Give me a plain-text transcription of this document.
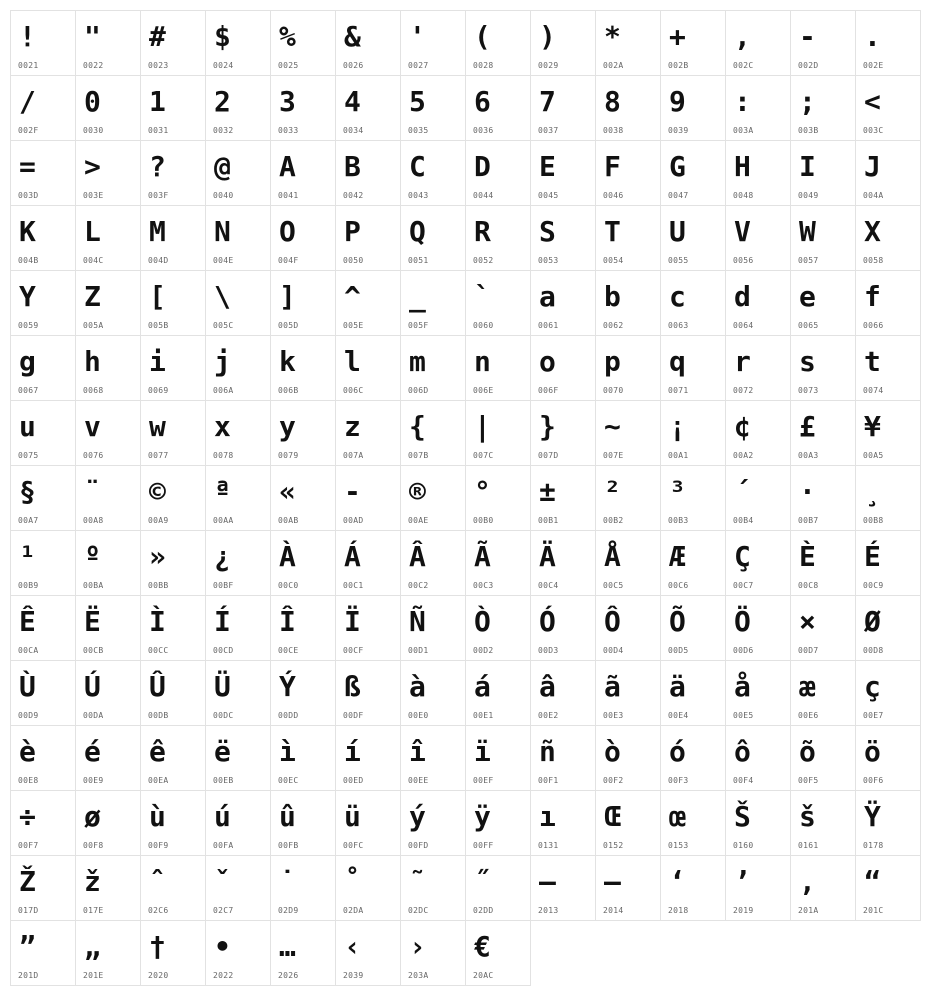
!
0021
"
0022
#
0023
$
0024
%
0025
&
0026
'
0027
(
0028
)
0029
*
002A
+
002B
,
002C
-
002D
.
002E
/
002F
0
0030
1
0031
2
0032
3
0033
4
0034
5
0035
6
0036
7
0037
8
0038
9
0039
:
003A
;
003B
<
003C
=
003D
>
003E
?
003F
@
0040
A
0041
B
0042
C
0043
D
0044
E
0045
F
0046
G
0047
H
0048
I
0049
J
004A
K
004B
L
004C
M
004D
N
004E
O
004F
P
0050
Q
0051
R
0052
S
0053
T
0054
U
0055
V
0056
W
0057
X
0058
Y
0059
Z
005A
[
005B
\
005C
]
005D
^
005E
_
005F
`
0060
a
0061
b
0062
c
0063
d
0064
e
0065
f
0066
g
0067
h
0068
i
0069
j
006A
k
006B
l
006C
m
006D
n
006E
o
006F
p
0070
q
0071
r
0072
s
0073
t
0074
u
0075
v
0076
w
0077
x
0078
y
0079
z
007A
{
007B
|
007C
}
007D
~
007E
¡
00A1
¢
00A2
£
00A3
¥
00A5
§
00A7
¨
00A8
©
00A9
ª
00AA
«
00AB
-
00AD
®
00AE
°
00B0
±
00B1
²
00B2
³
00B3
´
00B4
·
00B7
¸
00B8
¹
00B9
º
00BA
»
00BB
¿
00BF
À
00C0
Á
00C1
Â
00C2
Ã
00C3
Ä
00C4
Å
00C5
Æ
00C6
Ç
00C7
È
00C8
É
00C9
Ê
00CA
Ë
00CB
Ì
00CC
Í
00CD
Î
00CE
Ï
00CF
Ñ
00D1
Ò
00D2
Ó
00D3
Ô
00D4
Õ
00D5
Ö
00D6
×
00D7
Ø
00D8
Ù
00D9
Ú
00DA
Û
00DB
Ü
00DC
Ý
00DD
ß
00DF
à
00E0
á
00E1
â
00E2
ã
00E3
ä
00E4
å
00E5
æ
00E6
ç
00E7
è
00E8
é
00E9
ê
00EA
ë
00EB
ì
00EC
í
00ED
î
00EE
ï
00EF
ñ
00F1
ò
00F2
ó
00F3
ô
00F4
õ
00F5
ö
00F6
÷
00F7
ø
00F8
ù
00F9
ú
00FA
û
00FB
ü
00FC
ý
00FD
ÿ
00FF
ı
0131
Œ
0152
œ
0153
Š
0160
š
0161
Ÿ
0178
Ž
017D
ž
017E
ˆ
02C6
ˇ
02C7
˙
02D9
˚
02DA
˜
02DC
˝
02DD
–
2013
—
2014
‘
2018
’
2019
‚
201A
“
201C
”
201D
„
201E
†
2020
•
2022
…
2026
‹
2039
›
203A
€
20AC
